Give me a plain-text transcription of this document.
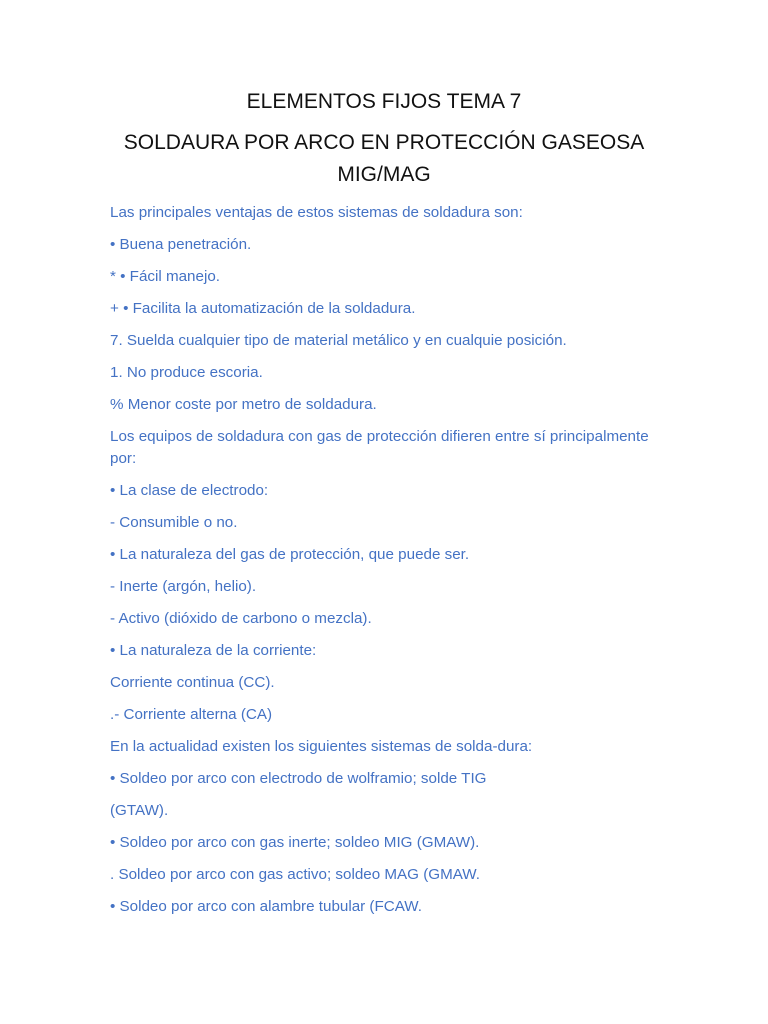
ELEMENTOS FIJOS TEMA 7
SOLDAURA POR ARCO EN PROTECCIÓN GASEOSA
MIG/MAG
Las principales ventajas de estos sistemas de soldadura son:
• Buena penetración.
* • Fácil manejo.
+ • Facilita la automatización de la soldadura.
7. Suelda cualquier tipo de material metálico y en cualquie posición.
1. No produce escoria.
% Menor coste por metro de soldadura.
Los equipos de soldadura con gas de protección difieren entre sí principalmente por:
• La clase de electrodo:
- Consumible o no.
• La naturaleza del gas de protección, que puede ser.
- Inerte (argón, helio).
- Activo (dióxido de carbono o mezcla).
• La naturaleza de la corriente:
Corriente continua (CC).
.- Corriente alterna (CA)
En la actualidad existen los siguientes sistemas de solda-dura:
• Soldeo por arco con electrodo de wolframio; solde TIG
(GTAW).
• Soldeo por arco con gas inerte; soldeo MIG (GMAW).
. Soldeo por arco con gas activo; soldeo MAG (GMAW.
• Soldeo por arco con alambre tubular (FCAW.
